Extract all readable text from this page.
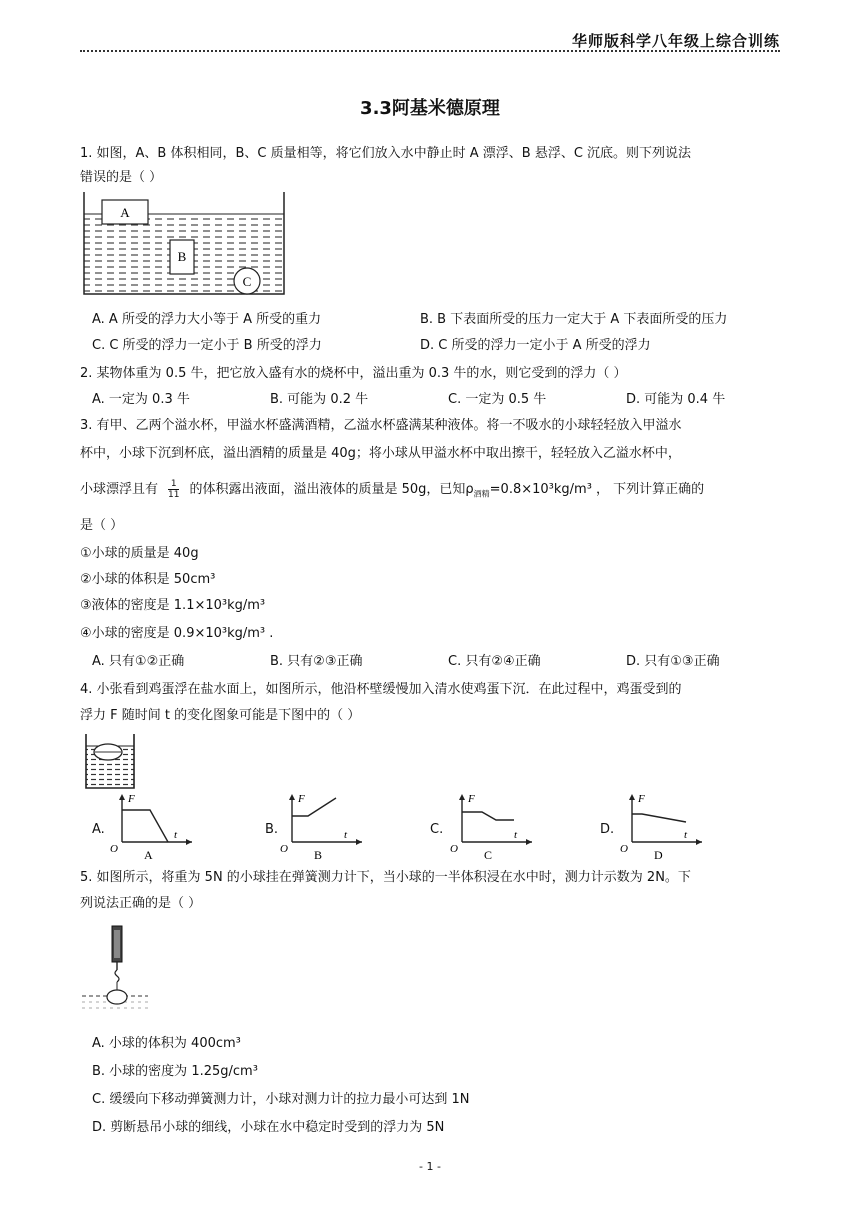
华师版科学八年级上综合训练
3.3阿基米德原理
1. 如图，A、B 体积相同，B、C 质量相等，将它们放入水中静止时 A 漂浮、B 悬浮、C 沉底。则下列说法
错误的是（ ）
A
B
C
A. A 所受的浮力大小等于 A 所受的重力	B. B 下表面所受的压力一定大于 A 下表面所受的压力
C. C 所受的浮力一定小于 B 所受的浮力	D. C 所受的浮力一定小于 A 所受的浮力
2. 某物体重为 0.5 牛，把它放入盛有水的烧杯中，溢出重为 0.3 牛的水，则它受到的浮力（ ）
A. 一定为 0.3 牛	B. 可能为 0.2 牛	C. 一定为 0.5 牛	D. 可能为 0.4 牛
3. 有甲、乙两个溢水杯，甲溢水杯盛满酒精，乙溢水杯盛满某种液体。将一不吸水的小球轻轻放入甲溢水
杯中，小球下沉到杯底，溢出酒精的质量是 40g；将小球从甲溢水杯中取出擦干，轻轻放入乙溢水杯中，
小球漂浮且有 $\frac{1}{11}$ 的体积露出液面，溢出液体的质量是 50g，已知$\rho_{酒精}=0.8\times 10^3kg/m^3$ ， 下列计算正确的
是（ ）
①小球的质量是 40g
②小球的体积是 50cm³
③液体的密度是 1.1×10³kg/m³
④小球的密度是 0.9×10³kg/m³ .
A. 只有①②正确	B. 只有②③正确	C. 只有②④正确	D. 只有①③正确
4. 小张看到鸡蛋浮在盐水面上，如图所示，他沿杯壁缓慢加入清水使鸡蛋下沉．在此过程中，鸡蛋受到的
浮力 F 随时间 t 的变化图象可能是下图中的（ ）
A.	B.	C.	D.
F
t
O A
F
t
O B
F
t
O C
F
t
O D
5. 如图所示，将重为 5N 的小球挂在弹簧测力计下，当小球的一半体积浸在水中时，测力计示数为 2N。下
列说法正确的是（ ）
A. 小球的体积为 400cm³
B. 小球的密度为 1.25g/cm³
C. 缓缓向下移动弹簧测力计，小球对测力计的拉力最小可达到 1N
D. 剪断悬吊小球的细线，小球在水中稳定时受到的浮力为 5N
- 1 -
